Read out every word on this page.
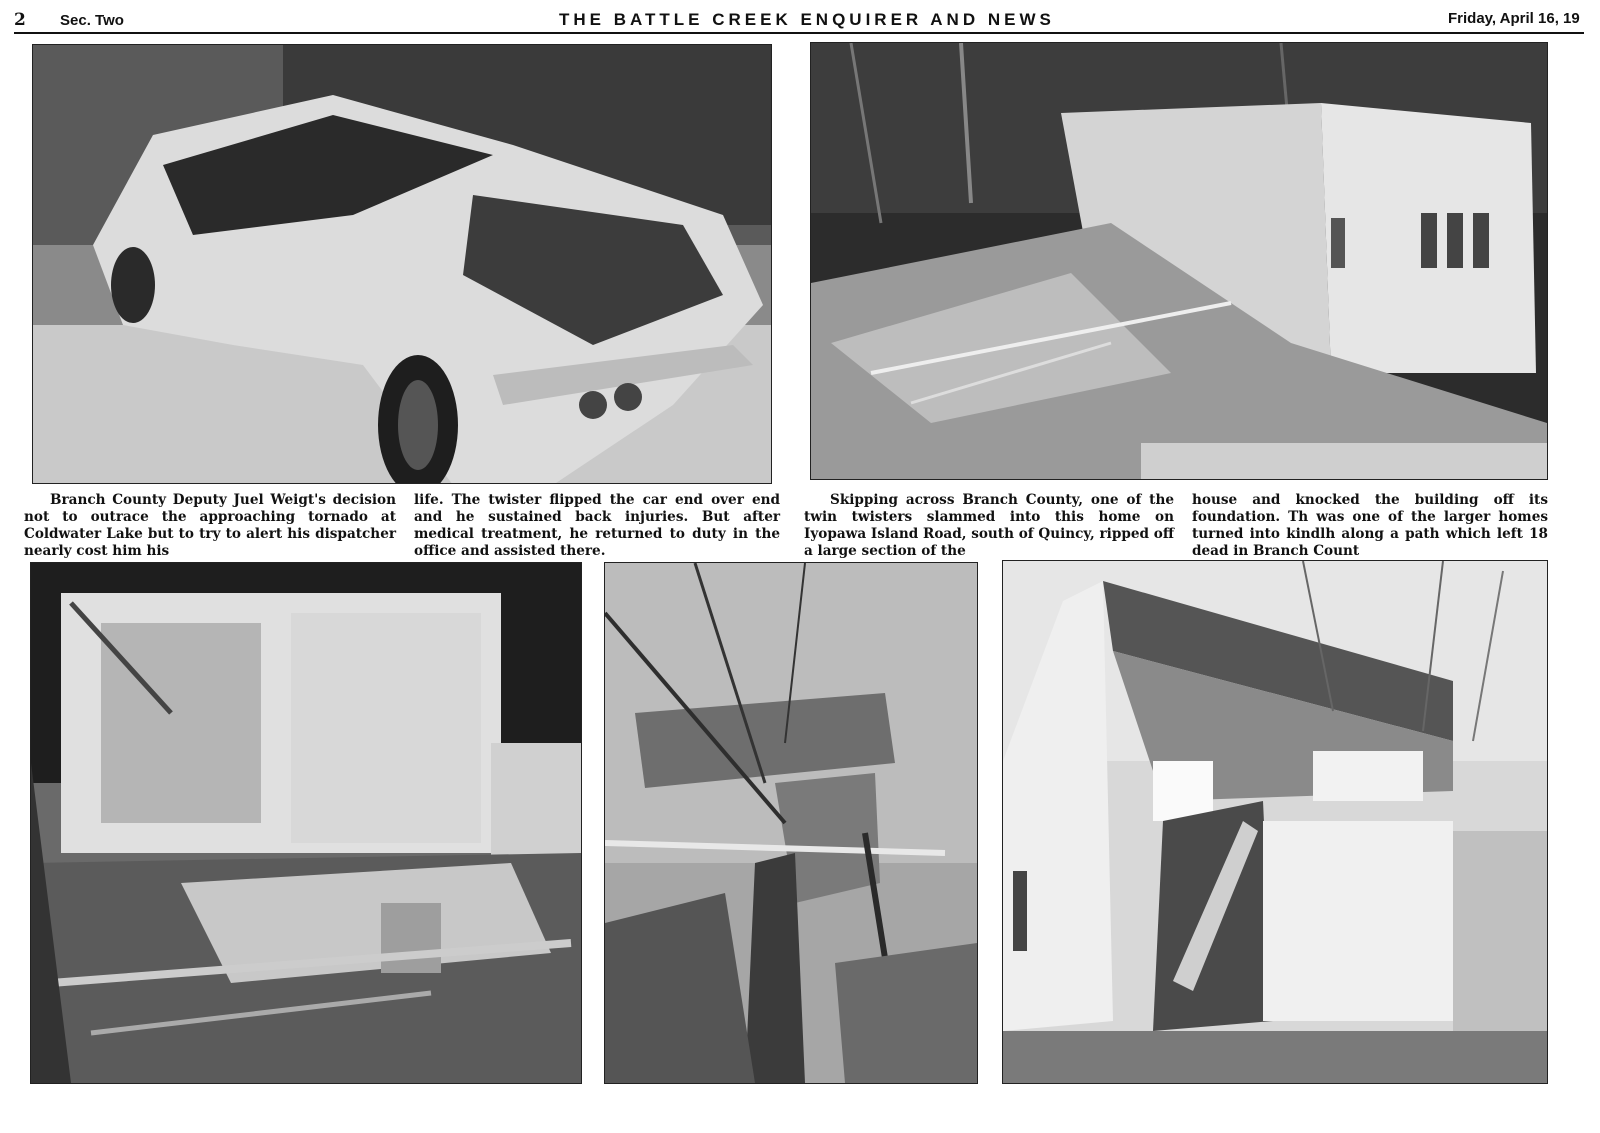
2 Sec. Two	THE BATTLE CREEK ENQUIRER AND NEWS	Friday, April 16, 19
Branch County Deputy Juel Weigt's decision not to outrace the approaching tornado at Coldwater Lake but to try to alert his dispatcher nearly cost him his
life. The twister flipped the car end over end and he sustained back injuries. But after medical treatment, he returned to duty in the office and assisted there.
Skipping across Branch County, one of the twin twisters slammed into this home on Iyopawa Island Road, south of Quincy, ripped off a large section of the
house and knocked the building off its foundation. Th was one of the larger homes turned into kindlh along a path which left 18 dead in Branch Count
